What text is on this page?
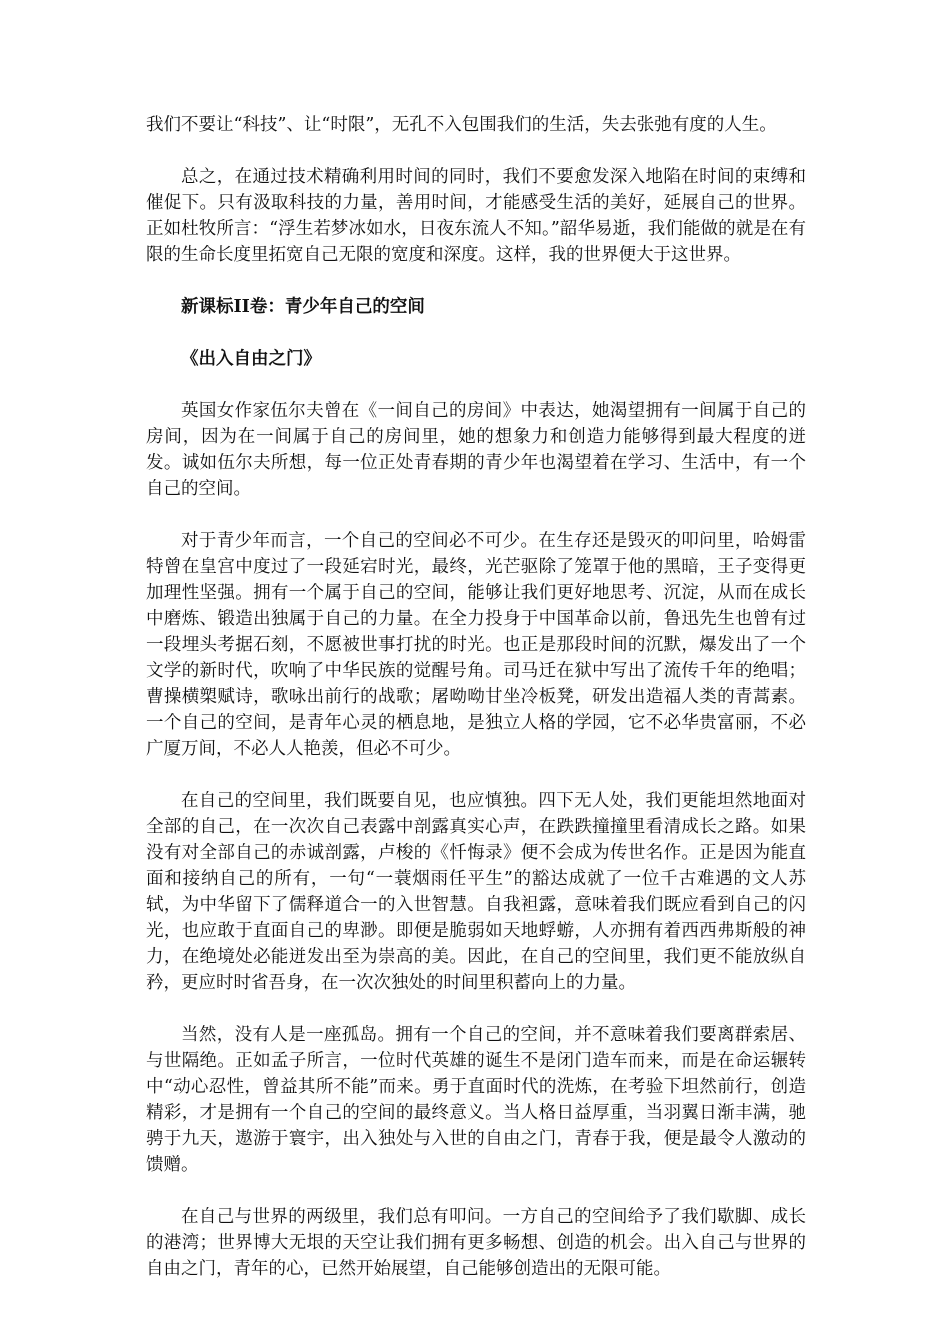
我们不要让“科技”、让“时限”，无孔不入包围我们的生活，失去张弛有度的人生。

总之，在通过技术精确利用时间的同时，我们不要愈发深入地陷在时间的束缚和催促下。只有汲取科技的力量，善用时间，才能感受生活的美好，延展自己的世界。正如杜牧所言：“浮生若梦冰如水，日夜东流人不知。”韶华易逝，我们能做的就是在有限的生命长度里拓宽自己无限的宽度和深度。这样，我的世界便大于这世界。

新课标II卷：青少年自己的空间

《出入自由之门》

英国女作家伍尔夫曾在《一间自己的房间》中表达，她渴望拥有一间属于自己的房间，因为在一间属于自己的房间里，她的想象力和创造力能够得到最大程度的迸发。诚如伍尔夫所想，每一位正处青春期的青少年也渴望着在学习、生活中，有一个自己的空间。

对于青少年而言，一个自己的空间必不可少。在生存还是毁灭的叩问里，哈姆雷特曾在皇宫中度过了一段延宕时光，最终，光芒驱除了笼罩于他的黑暗，王子变得更加理性坚强。拥有一个属于自己的空间，能够让我们更好地思考、沉淀，从而在成长中磨炼、锻造出独属于自己的力量。在全力投身于中国革命以前，鲁迅先生也曾有过一段埋头考据石刻，不愿被世事打扰的时光。也正是那段时间的沉默，爆发出了一个文学的新时代，吹响了中华民族的觉醒号角。司马迁在狱中写出了流传千年的绝唱；曹操横槊赋诗，歌咏出前行的战歌；屠呦呦甘坐冷板凳，研发出造福人类的青蒿素。一个自己的空间，是青年心灵的栖息地，是独立人格的学园，它不必华贵富丽，不必广厦万间，不必人人艳羡，但必不可少。

在自己的空间里，我们既要自见，也应慎独。四下无人处，我们更能坦然地面对全部的自己，在一次次自己表露中剖露真实心声，在跌跌撞撞里看清成长之路。如果没有对全部自己的赤诚剖露，卢梭的《忏悔录》便不会成为传世名作。正是因为能直面和接纳自己的所有，一句“一蓑烟雨任平生”的豁达成就了一位千古难遇的文人苏轼，为中华留下了儒释道合一的入世智慧。自我袒露，意味着我们既应看到自己的闪光，也应敢于直面自己的卑渺。即便是脆弱如天地蜉蝣，人亦拥有着西西弗斯般的神力，在绝境处必能迸发出至为崇高的美。因此，在自己的空间里，我们更不能放纵自矜，更应时时省吾身，在一次次独处的时间里积蓄向上的力量。

当然，没有人是一座孤岛。拥有一个自己的空间，并不意味着我们要离群索居、与世隔绝。正如孟子所言，一位时代英雄的诞生不是闭门造车而来，而是在命运辗转中“动心忍性，曾益其所不能”而来。勇于直面时代的洗炼，在考验下坦然前行，创造精彩，才是拥有一个自己的空间的最终意义。当人格日益厚重，当羽翼日渐丰满，驰骋于九天，遨游于寰宇，出入独处与入世的自由之门，青春于我，便是最令人激动的馈赠。

在自己与世界的两级里，我们总有叩问。一方自己的空间给予了我们歇脚、成长的港湾；世界博大无垠的天空让我们拥有更多畅想、创造的机会。出入自己与世界的自由之门，青年的心，已然开始展望，自己能够创造出的无限可能。
